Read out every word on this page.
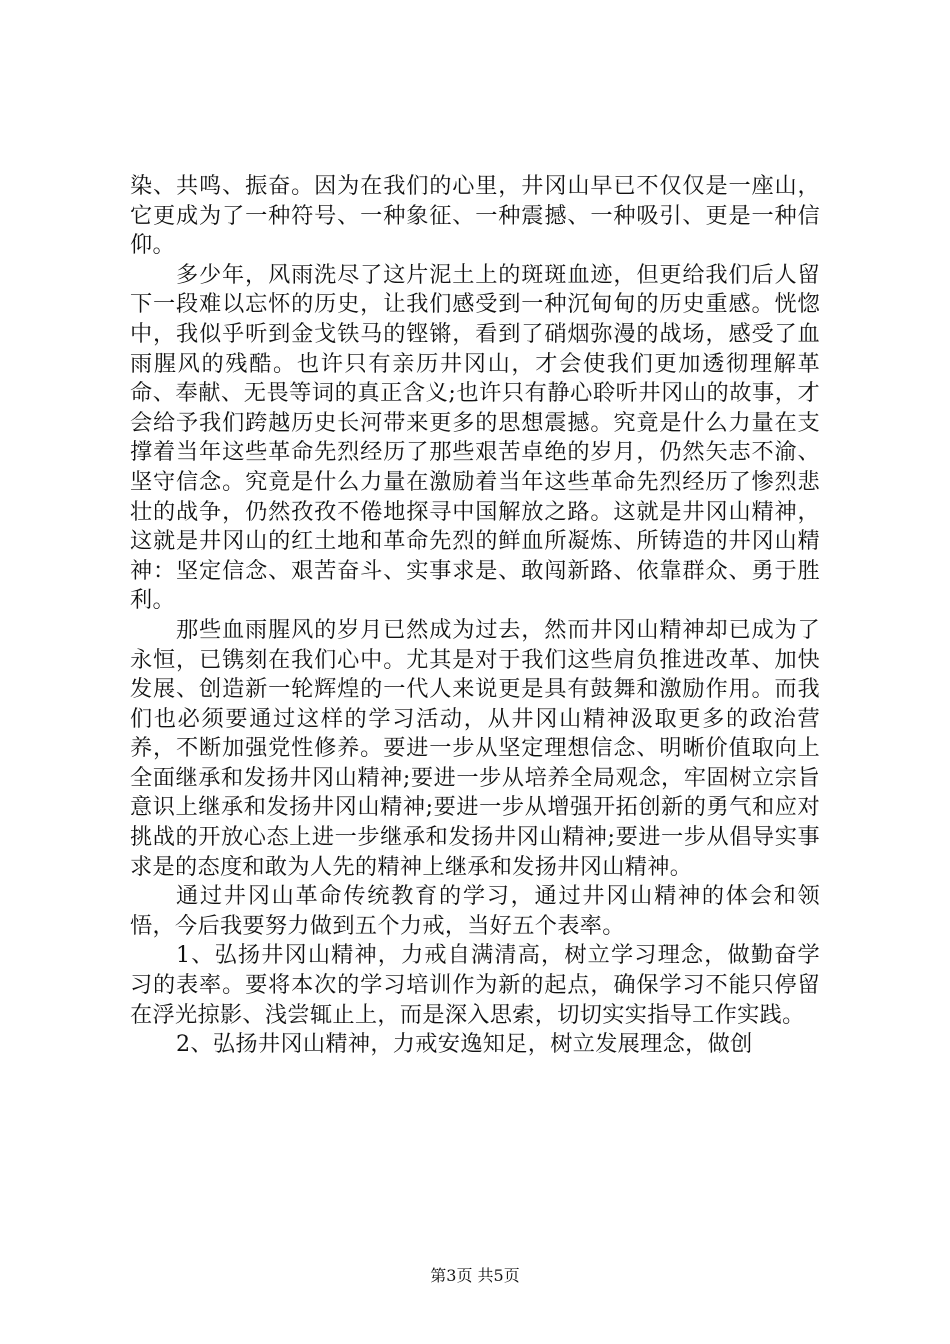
染、共鸣、振奋。因为在我们的心里，井冈山早已不仅仅是一座山，它更成为了一种符号、一种象征、一种震撼、一种吸引、更是一种信仰。

多少年，风雨洗尽了这片泥土上的斑斑血迹，但更给我们后人留下一段难以忘怀的历史，让我们感受到一种沉甸甸的历史重感。恍惚中，我似乎听到金戈铁马的铿锵，看到了硝烟弥漫的战场，感受了血雨腥风的残酷。也许只有亲历井冈山，才会使我们更加透彻理解革命、奉献、无畏等词的真正含义;也许只有静心聆听井冈山的故事，才会给予我们跨越历史长河带来更多的思想震撼。究竟是什么力量在支撑着当年这些革命先烈经历了那些艰苦卓绝的岁月，仍然矢志不渝、坚守信念。究竟是什么力量在激励着当年这些革命先烈经历了惨烈悲壮的战争，仍然孜孜不倦地探寻中国解放之路。这就是井冈山精神，这就是井冈山的红土地和革命先烈的鲜血所凝炼、所铸造的井冈山精神：坚定信念、艰苦奋斗、实事求是、敢闯新路、依靠群众、勇于胜利。

那些血雨腥风的岁月已然成为过去，然而井冈山精神却已成为了永恒，已镌刻在我们心中。尤其是对于我们这些肩负推进改革、加快发展、创造新一轮辉煌的一代人来说更是具有鼓舞和激励作用。而我们也必须要通过这样的学习活动，从井冈山精神汲取更多的政治营养，不断加强党性修养。要进一步从坚定理想信念、明晰价值取向上全面继承和发扬井冈山精神;要进一步从培养全局观念，牢固树立宗旨意识上继承和发扬井冈山精神;要进一步从增强开拓创新的勇气和应对挑战的开放心态上进一步继承和发扬井冈山精神;要进一步从倡导实事求是的态度和敢为人先的精神上继承和发扬井冈山精神。

通过井冈山革命传统教育的学习，通过井冈山精神的体会和领悟，今后我要努力做到五个力戒，当好五个表率。

1、弘扬井冈山精神，力戒自满清高，树立学习理念，做勤奋学习的表率。要将本次的学习培训作为新的起点，确保学习不能只停留在浮光掠影、浅尝辄止上，而是深入思索，切切实实指导工作实践。

2、弘扬井冈山精神，力戒安逸知足，树立发展理念，做创

第3页 共5页
